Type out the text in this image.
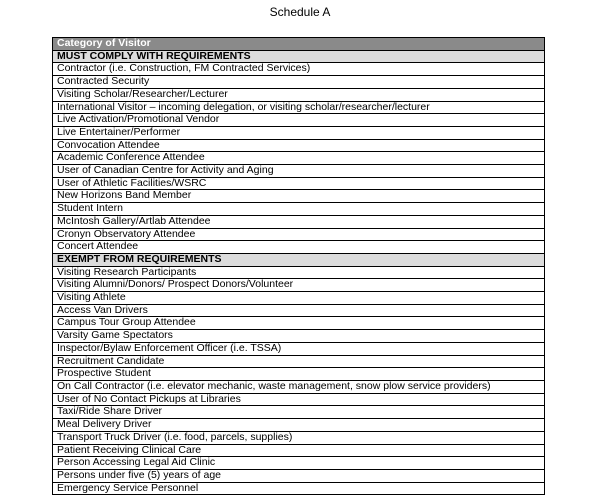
Schedule A
Category of Visitor
MUST COMPLY WITH REQUIREMENTS
Contractor (i.e. Construction, FM Contracted Services)
Contracted Security
Visiting Scholar/Researcher/Lecturer
International Visitor – incoming delegation, or visiting scholar/researcher/lecturer
Live Activation/Promotional Vendor
Live Entertainer/Performer
Convocation Attendee
Academic Conference Attendee
User of Canadian Centre for Activity and Aging
User of Athletic Facilities/WSRC
New Horizons Band Member
Student Intern
McIntosh Gallery/Artlab Attendee
Cronyn Observatory Attendee
Concert Attendee
EXEMPT FROM REQUIREMENTS
Visiting Research Participants
Visiting Alumni/Donors/ Prospect Donors/Volunteer
Visiting Athlete
Access Van Drivers
Campus Tour Group Attendee
Varsity Game Spectators
Inspector/Bylaw Enforcement Officer (i.e. TSSA)
Recruitment Candidate
Prospective Student
On Call Contractor (i.e. elevator mechanic, waste management, snow plow service providers)
User of No Contact Pickups at Libraries
Taxi/Ride Share Driver
Meal Delivery Driver
Transport Truck Driver (i.e. food, parcels, supplies)
Patient Receiving Clinical Care
Person Accessing Legal Aid Clinic
Persons under five (5) years of age
Emergency Service Personnel
